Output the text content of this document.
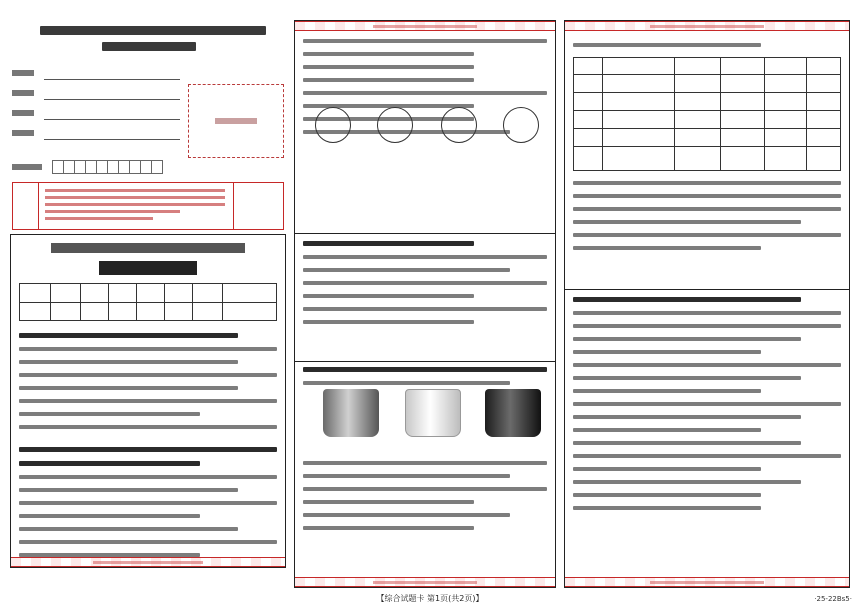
【综合试题卡 第1页(共2页)】	·25-22Bs5·
